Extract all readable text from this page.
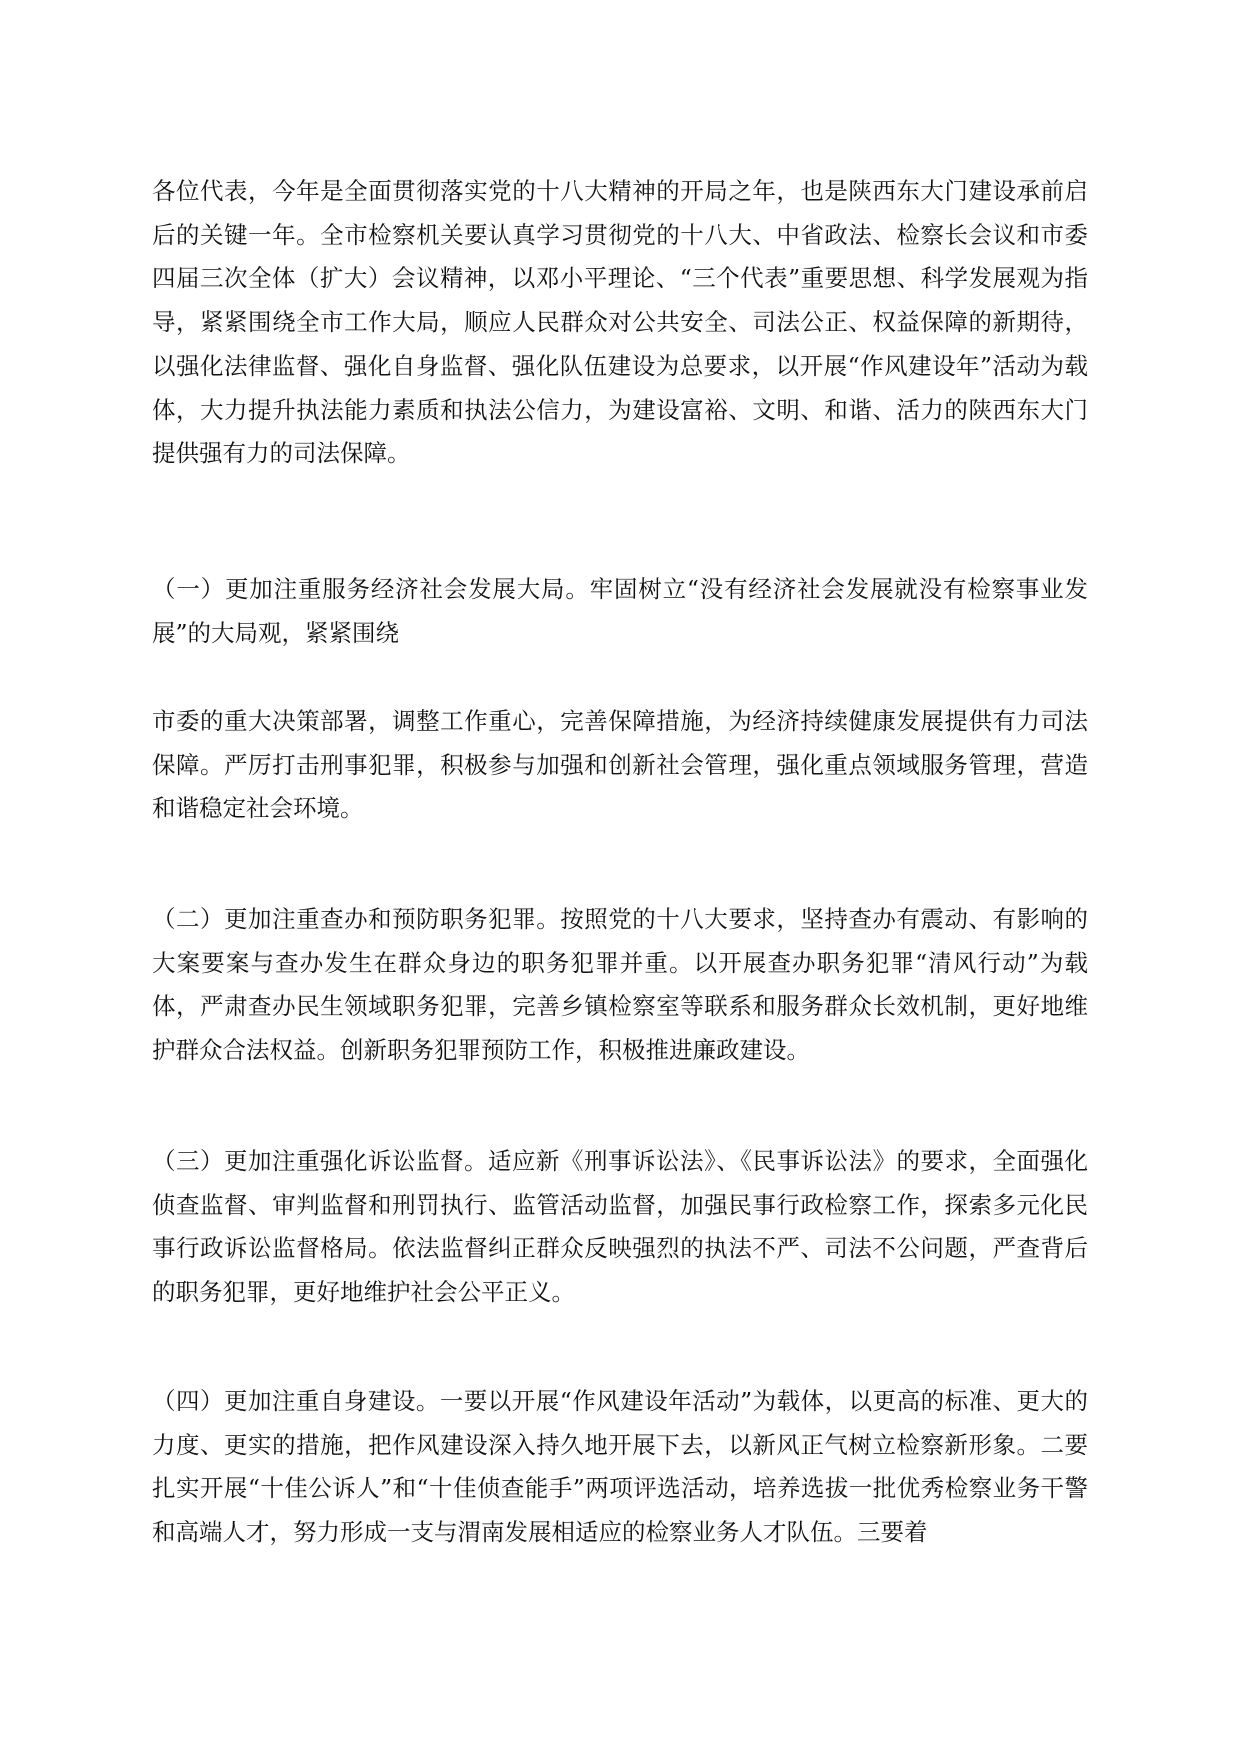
各位代表，今年是全面贯彻落实党的十八大精神的开局之年，也是陕西东大门建设承前启后的关键一年。全市检察机关要认真学习贯彻党的十八大、中省政法、检察长会议和市委四届三次全体（扩大）会议精神，以邓小平理论、“三个代表”重要思想、科学发展观为指导，紧紧围绕全市工作大局，顺应人民群众对公共安全、司法公正、权益保障的新期待，以强化法律监督、强化自身监督、强化队伍建设为总要求，以开展“作风建设年”活动为载体，大力提升执法能力素质和执法公信力，为建设富裕、文明、和谐、活力的陕西东大门提供强有力的司法保障。

（一）更加注重服务经济社会发展大局。牢固树立“没有经济社会发展就没有检察事业发展”的大局观，紧紧围绕

市委的重大决策部署，调整工作重心，完善保障措施，为经济持续健康发展提供有力司法保障。严厉打击刑事犯罪，积极参与加强和创新社会管理，强化重点领域服务管理，营造和谐稳定社会环境。

（二）更加注重查办和预防职务犯罪。按照党的十八大要求，坚持查办有震动、有影响的大案要案与查办发生在群众身边的职务犯罪并重。以开展查办职务犯罪“清风行动”为载体，严肃查办民生领域职务犯罪，完善乡镇检察室等联系和服务群众长效机制，更好地维护群众合法权益。创新职务犯罪预防工作，积极推进廉政建设。

（三）更加注重强化诉讼监督。适应新《刑事诉讼法》、《民事诉讼法》的要求，全面强化侦查监督、审判监督和刑罚执行、监管活动监督，加强民事行政检察工作，探索多元化民事行政诉讼监督格局。依法监督纠正群众反映强烈的执法不严、司法不公问题，严查背后的职务犯罪，更好地维护社会公平正义。

（四）更加注重自身建设。一要以开展“作风建设年活动”为载体，以更高的标准、更大的力度、更实的措施，把作风建设深入持久地开展下去，以新风正气树立检察新形象。二要扎实开展“十佳公诉人”和“十佳侦查能手”两项评选活动，培养选拔一批优秀检察业务干警和高端人才，努力形成一支与渭南发展相适应的检察业务人才队伍。三要着
